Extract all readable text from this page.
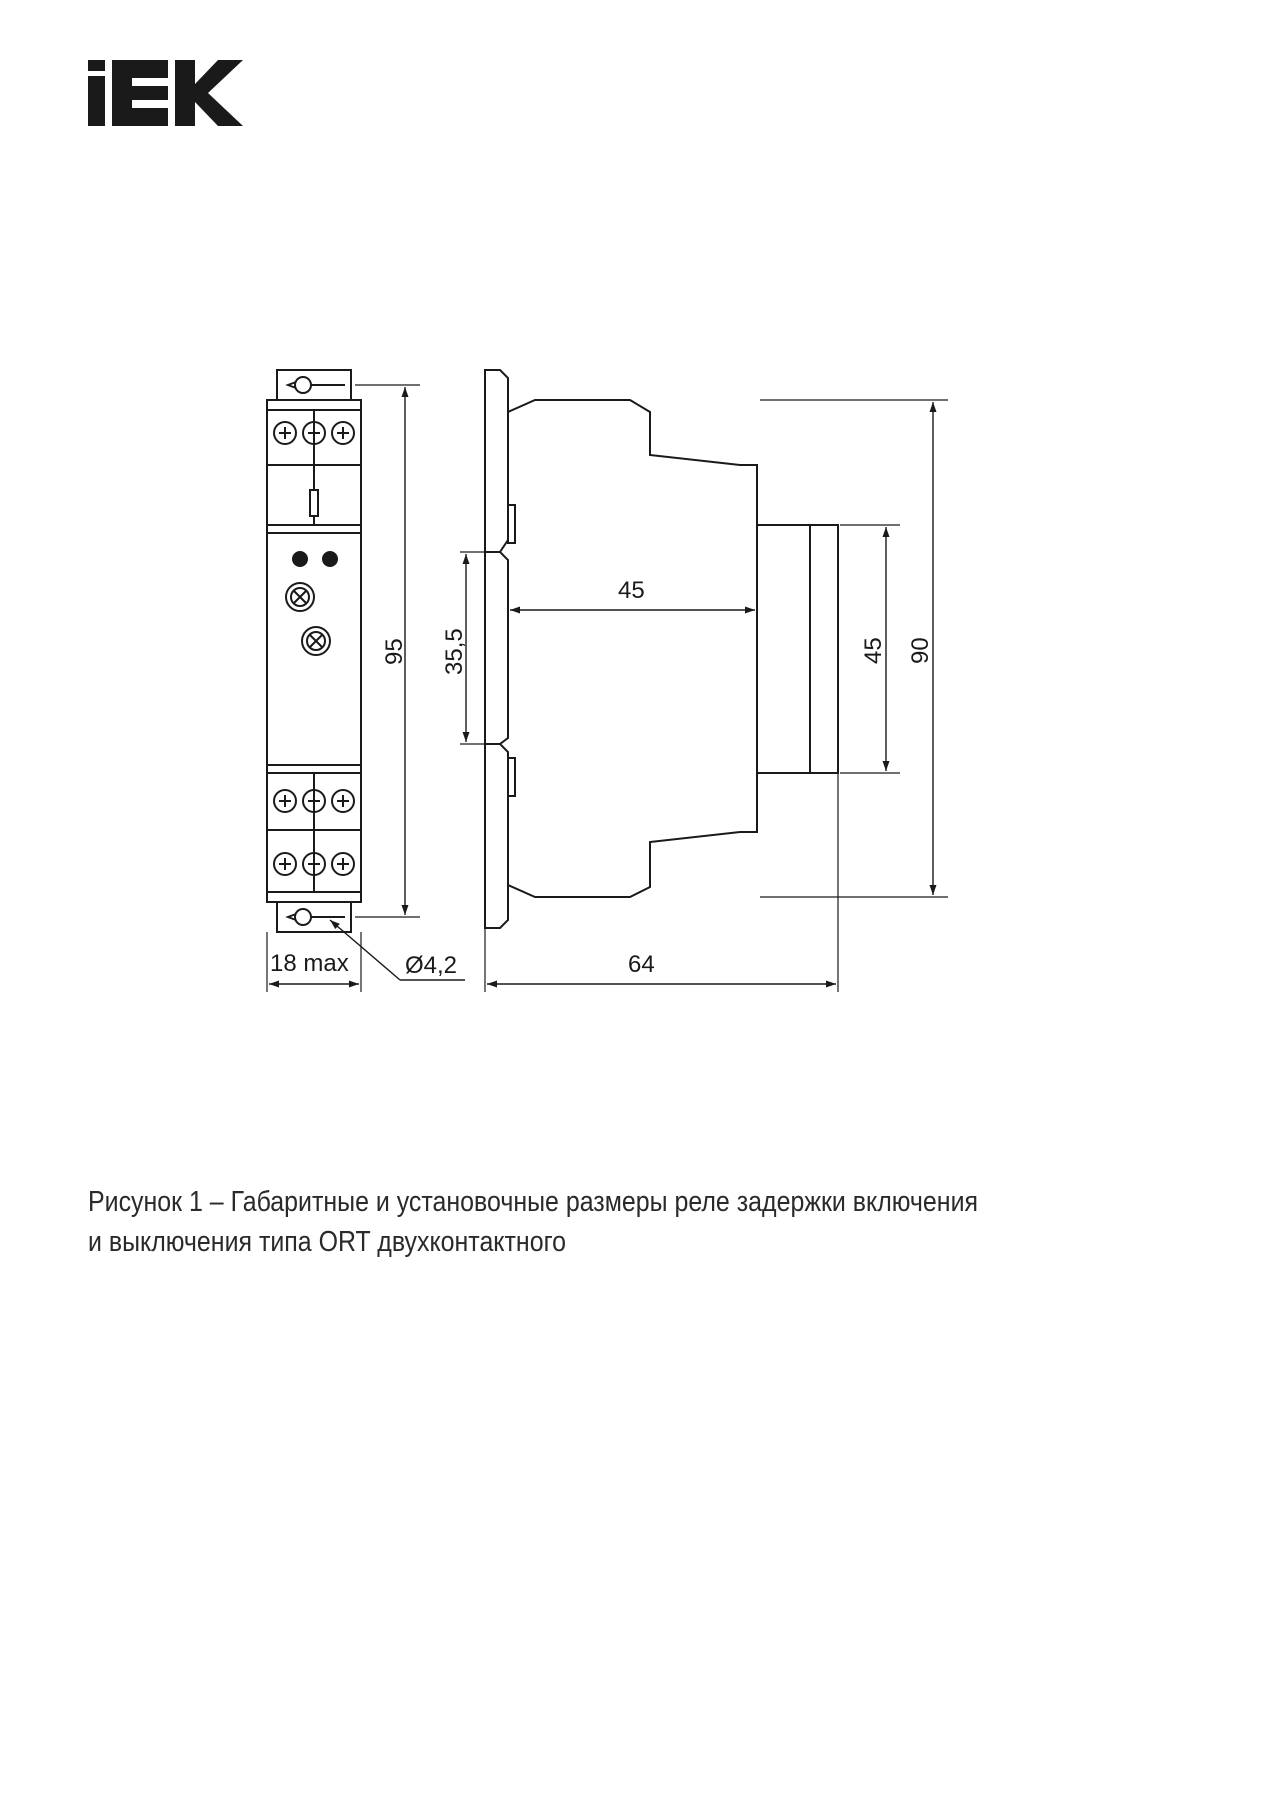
18 max Ø4,2	64
45
95 35,5	45 90
Рисунок 1 – Габаритные и установочные размеры реле задержки включения
и выключения типа ORT двухконтактного
